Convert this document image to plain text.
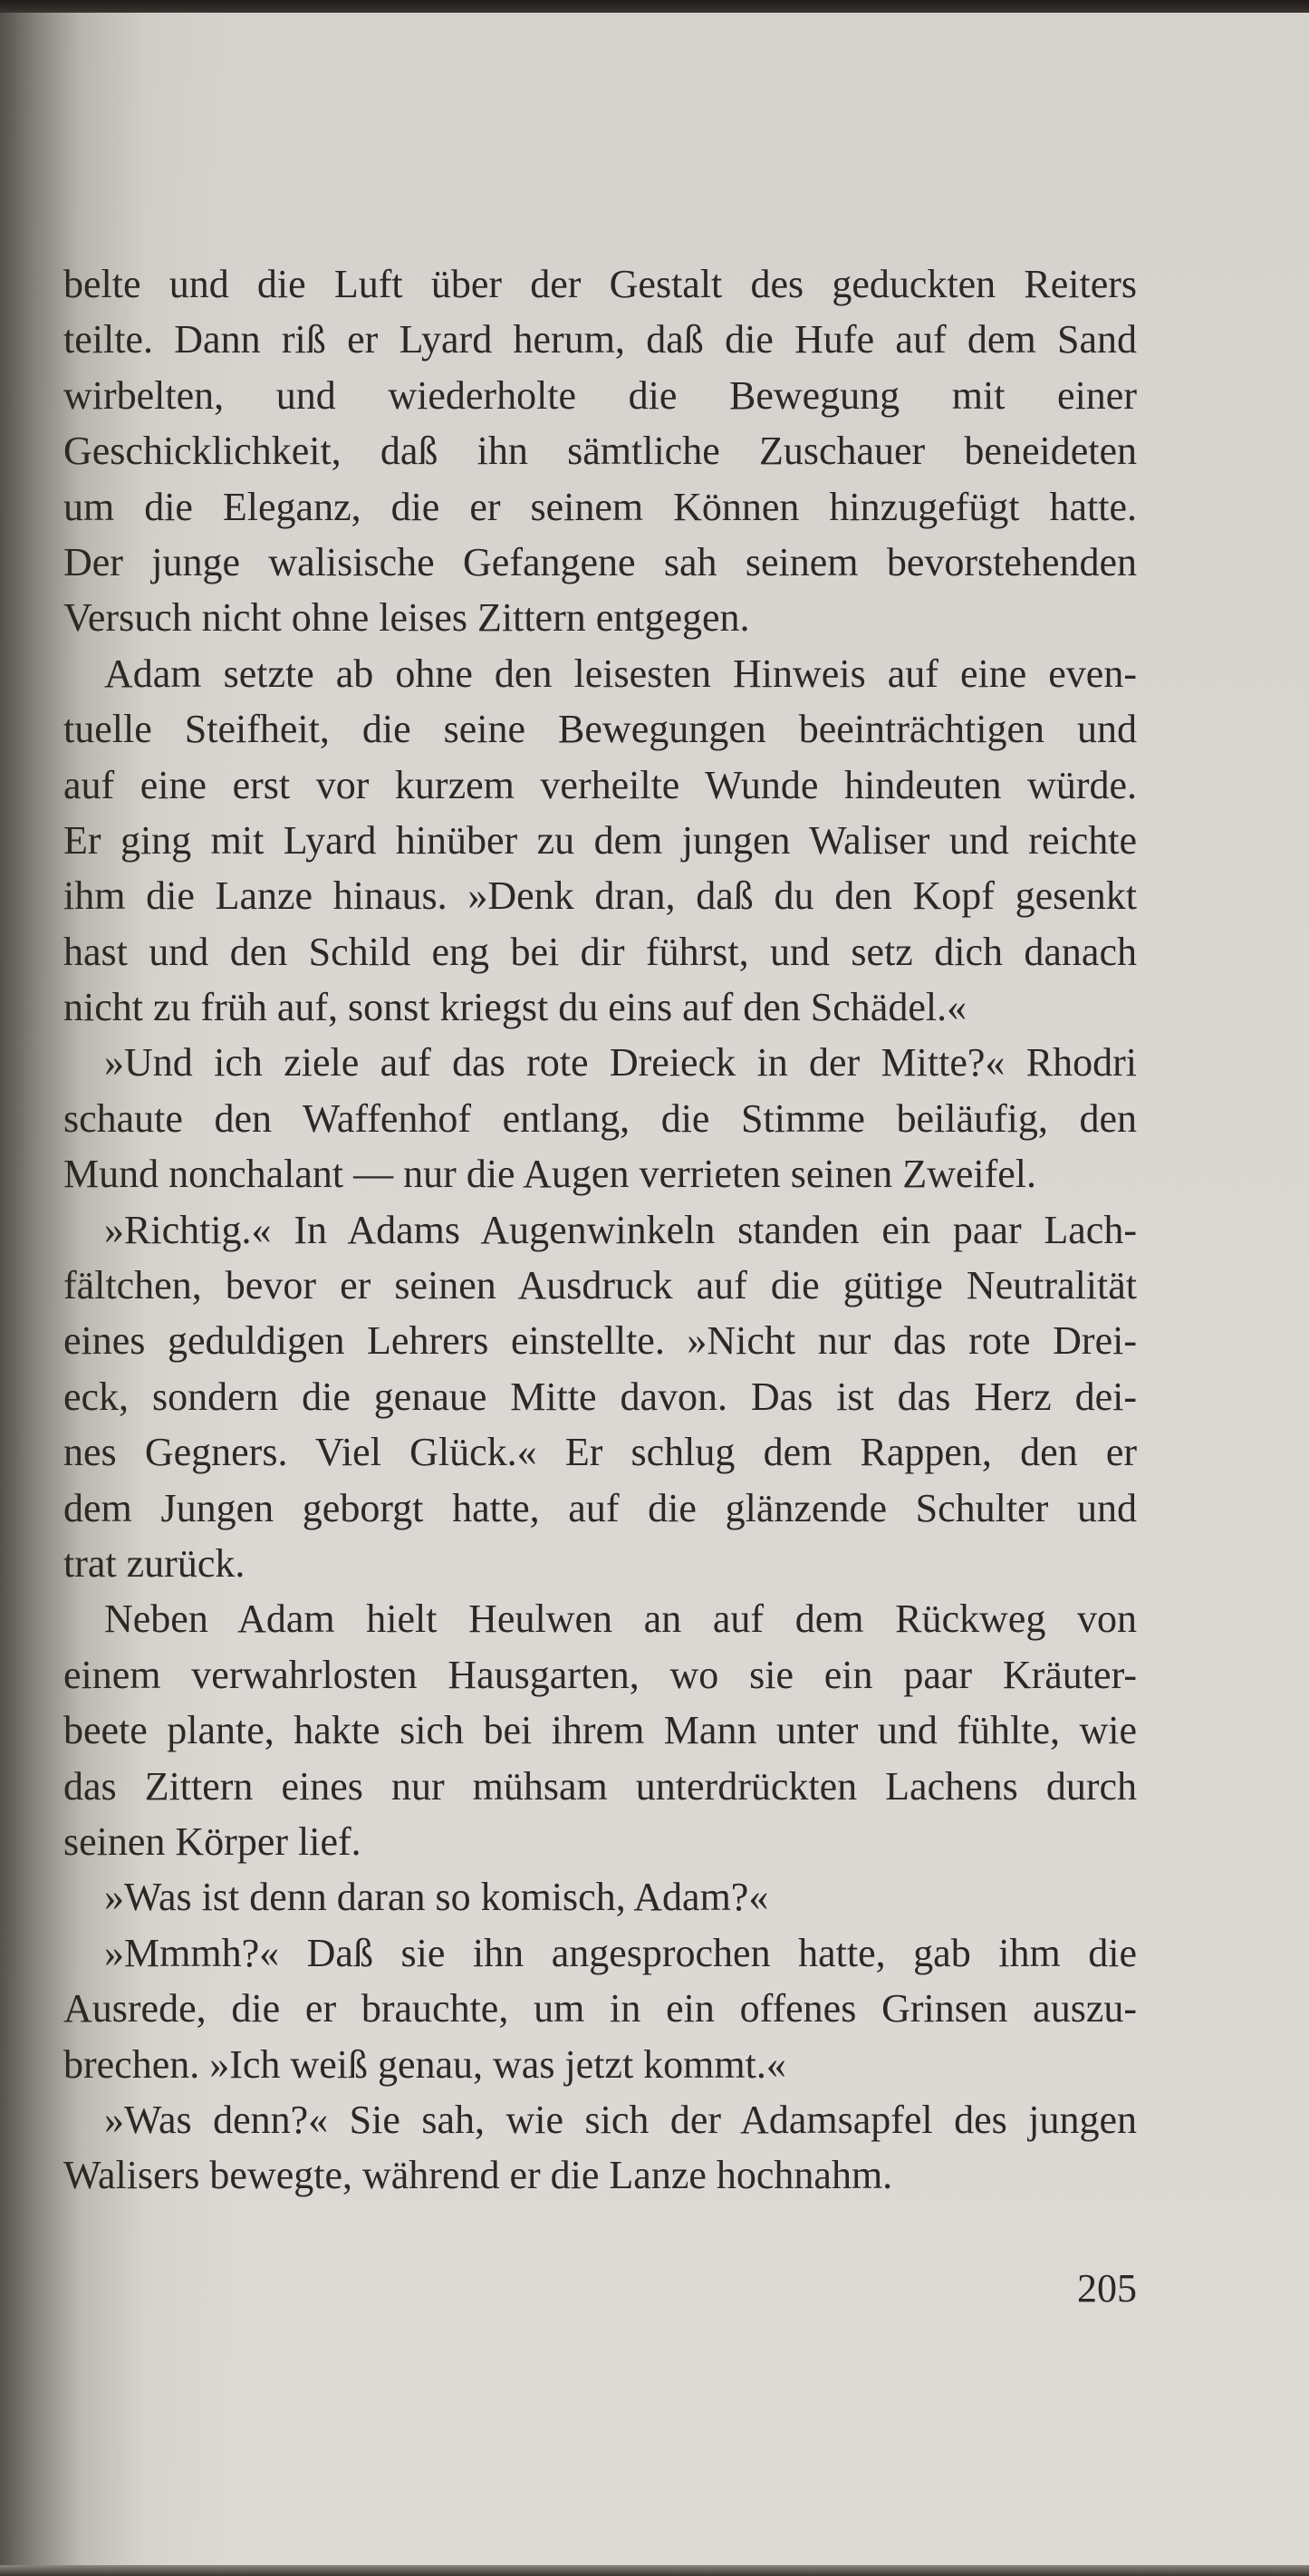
belte und die Luft über der Gestalt des geduckten Reiters
teilte. Dann riß er Lyard herum, daß die Hufe auf dem Sand
wirbelten, und wiederholte die Bewegung mit einer
Geschicklichkeit, daß ihn sämtliche Zuschauer beneideten
um die Eleganz, die er seinem Können hinzugefügt hatte.
Der junge walisische Gefangene sah seinem bevorstehenden
Versuch nicht ohne leises Zittern entgegen.
Adam setzte ab ohne den leisesten Hinweis auf eine even-
tuelle Steifheit, die seine Bewegungen beeinträchtigen und
auf eine erst vor kurzem verheilte Wunde hindeuten würde.
Er ging mit Lyard hinüber zu dem jungen Waliser und reichte
ihm die Lanze hinaus. »Denk dran, daß du den Kopf gesenkt
hast und den Schild eng bei dir führst, und setz dich danach
nicht zu früh auf, sonst kriegst du eins auf den Schädel.«
»Und ich ziele auf das rote Dreieck in der Mitte?« Rhodri
schaute den Waffenhof entlang, die Stimme beiläufig, den
Mund nonchalant — nur die Augen verrieten seinen Zweifel.
»Richtig.« In Adams Augenwinkeln standen ein paar Lach-
fältchen, bevor er seinen Ausdruck auf die gütige Neutralität
eines geduldigen Lehrers einstellte. »Nicht nur das rote Drei-
eck, sondern die genaue Mitte davon. Das ist das Herz dei-
nes Gegners. Viel Glück.« Er schlug dem Rappen, den er
dem Jungen geborgt hatte, auf die glänzende Schulter und
trat zurück.
Neben Adam hielt Heulwen an auf dem Rückweg von
einem verwahrlosten Hausgarten, wo sie ein paar Kräuter-
beete plante, hakte sich bei ihrem Mann unter und fühlte, wie
das Zittern eines nur mühsam unterdrückten Lachens durch
seinen Körper lief.
»Was ist denn daran so komisch, Adam?«
»Mmmh?« Daß sie ihn angesprochen hatte, gab ihm die
Ausrede, die er brauchte, um in ein offenes Grinsen auszu-
brechen. »Ich weiß genau, was jetzt kommt.«
»Was denn?« Sie sah, wie sich der Adamsapfel des jungen
Walisers bewegte, während er die Lanze hochnahm.
205
